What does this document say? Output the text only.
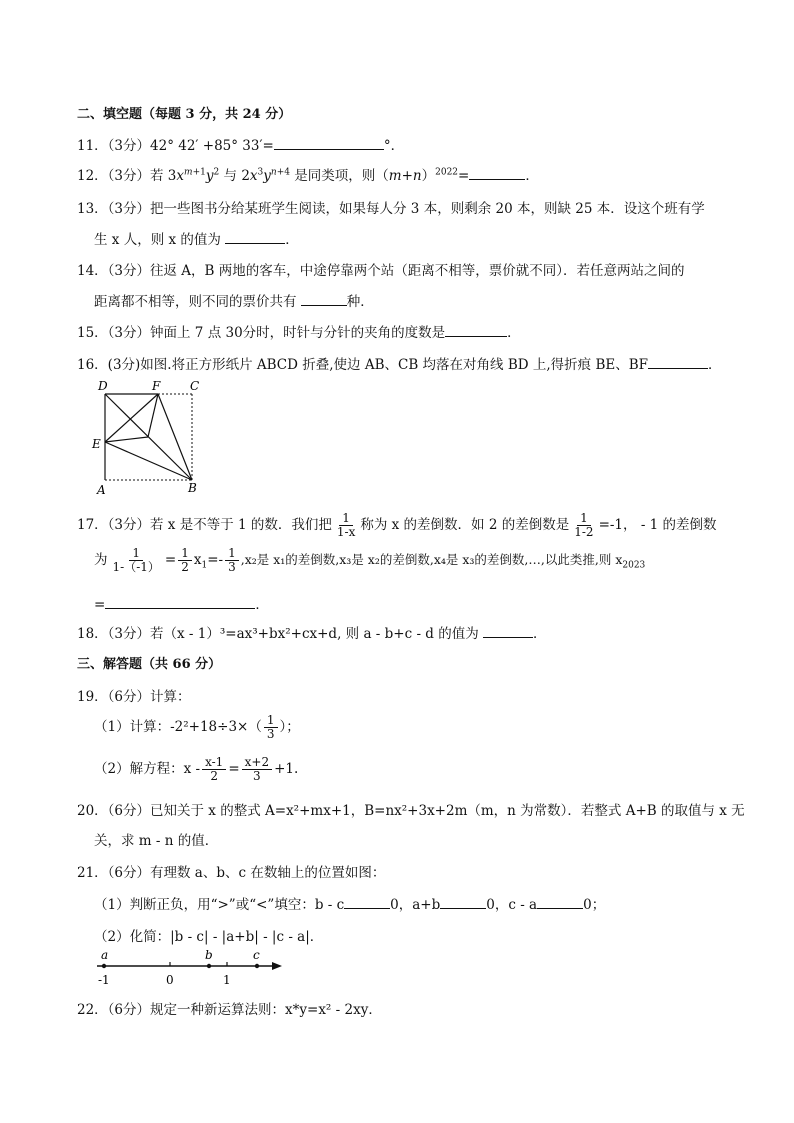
二、填空题（每题 3 分，共 24 分）
11．（3分）42° 42′ +85° 33′=	°．
12．（3分）若 $3x^{m+1}y^2$ 与 $2x^3y^{n+4}$ 是同类项，则$(m+n)^{2022}=$	．
13．（3分）把一些图书分给某班学生阅读，如果每人分 3 本，则剩余 20 本，则缺 25 本．设这个班有学
生 x 人，则 x 的值为	．
14．（3分）往返 A，B 两地的客车，中途停靠两个站（距离不相等，票价就不同）．若任意两站之间的
距离都不相等，则不同的票价共有	种．
15．（3分）钟面上 7 点 30分时，时针与分针的夹角的度数是	．
16．(3分)如图.将正方形纸片 ABCD 折叠,使边 AB、CB 均落在对角线 BD 上,得折痕 BE、BF	．
D	F C
E
A	B
17．（3分）若 x 是不等于 1 的数．我们把 $\frac{1}{1-x}$ 称为 x 的差倒数．如 2 的差倒数是 $\frac{1}{1-2} =-1$， - 1 的差倒数
为 $\frac{1}{1-(-1)} = \frac{1}{2} x_1=- \frac{1}{3} ,x_2$是 x₁的差倒数,x₃是 x₂的差倒数,x₄是 x₃的差倒数,…,以此类推,则 $x_{2023}$
=	．
18．（3分）若（x - 1）³=ax³+bx²+cx+d, 则 a - b+c - d 的值为	．
三、解答题（共 66 分）
19．（6分）计算：
（1）计算：$-2^2+18\div 3\times( \frac{1}{3}$ ）；
（2）解方程：$x - \frac{x-1}{2} = \frac{x+2}{3} +1$.
20．（6分）已知关于 x 的整式 A=x²+mx+1，B=nx²+3x+2m（m，n 为常数）．若整式 A+B 的取值与 x 无
关，求 m - n 的值．
21．（6分）有理数 a、b、c 在数轴上的位置如图：
（1）判断正负，用“>”或“<”填空：b - c	0，a+b	0，c - a	0；
（2）化简：|b - c| - |a+b| - |c - a|．
a	b	c
-1	0	1
22．（6分）规定一种新运算法则：x*y=x² - 2xy．
